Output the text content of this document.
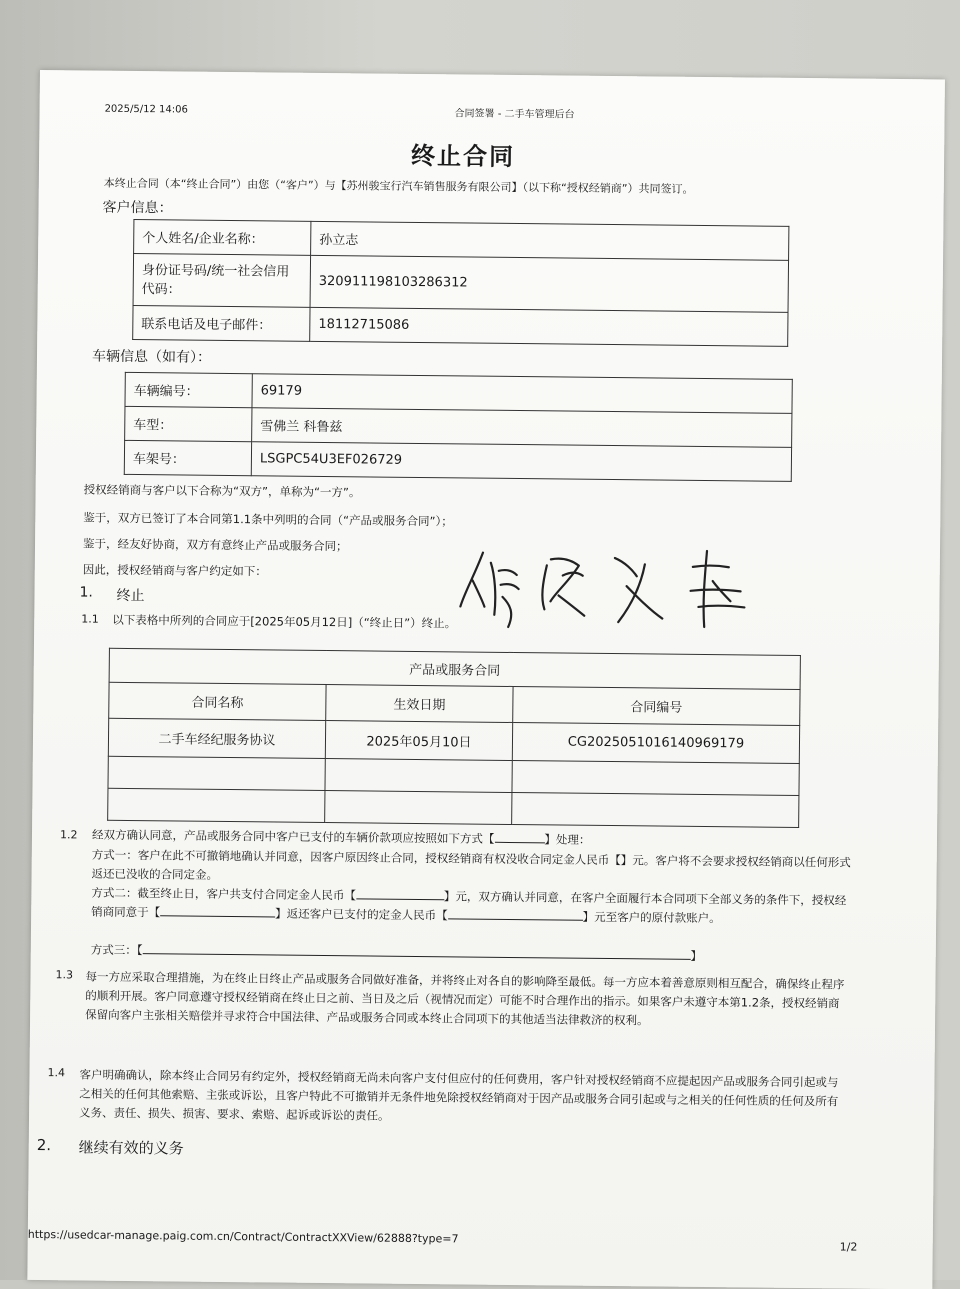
2025/5/12 14:06	合同签署 - 二手车管理后台
终止合同
本终止合同（本“终止合同”）由您（“客户”）与【苏州骏宝行汽车销售服务有限公司】（以下称“授权经销商”）共同签订。
客户信息：
个人姓名/企业名称：	孙立志
身份证号码/统一社会信用代码：	320911198103286312
联系电话及电子邮件：	18112715086
车辆信息（如有）：
车辆编号：	69179
车型：	雪佛兰 科鲁兹
车架号：	LSGPC54U3EF026729
授权经销商与客户以下合称为“双方”，单称为“一方”。
鉴于，双方已签订了本合同第1.1条中列明的合同（“产品或服务合同”）；
鉴于，经友好协商，双方有意终止产品或服务合同；
因此，授权经销商与客户约定如下：
1. 终止
1.1 以下表格中所列的合同应于[2025年05月12日]（“终止日”）终止。
产品或服务合同		
合同名称	生效日期	合同编号
二手车经纪服务协议	2025年05月10日	CG2025051016140969179

1.2 经双方确认同意，产品或服务合同中客户已支付的车辆价款项应按照如下方式【	】处理：
方式一：客户在此不可撤销地确认并同意，因客户原因终止合同，授权经销商有权没收合同定金人民币【】元。客户将不会要求授权经销商以任何形式返还已没收的合同定金。
方式二：截至终止日，客户共支付合同定金人民币【	】元，双方确认并同意，在客户全面履行本合同项下全部义务的条件下，授权经销商同意于【	】返还客户已支付的定金人民币【	】元至客户的原付款账户。
方式三：【	】
1.3 每一方应采取合理措施，为在终止日终止产品或服务合同做好准备，并将终止对各自的影响降至最低。每一方应本着善意原则相互配合，确保终止程序的顺利开展。客户同意遵守授权经销商在终止日之前、当日及之后（视情况而定）可能不时合理作出的指示。如果客户未遵守本第1.2条，授权经销商保留向客户主张相关赔偿并寻求符合中国法律、产品或服务合同或本终止合同项下的其他适当法律救济的权利。
1.4 客户明确确认，除本终止合同另有约定外，授权经销商无尚未向客户支付但应付的任何费用，客户针对授权经销商不应提起因产品或服务合同引起或与之相关的任何其他索赔、主张或诉讼，且客户特此不可撤销并无条件地免除授权经销商对于因产品或服务合同引起或与之相关的任何性质的任何及所有义务、责任、损失、损害、要求、索赔、起诉或诉讼的责任。
2. 继续有效的义务
https://usedcar-manage.paig.com.cn/Contract/ContractXXView/62888?type=7
1/2
